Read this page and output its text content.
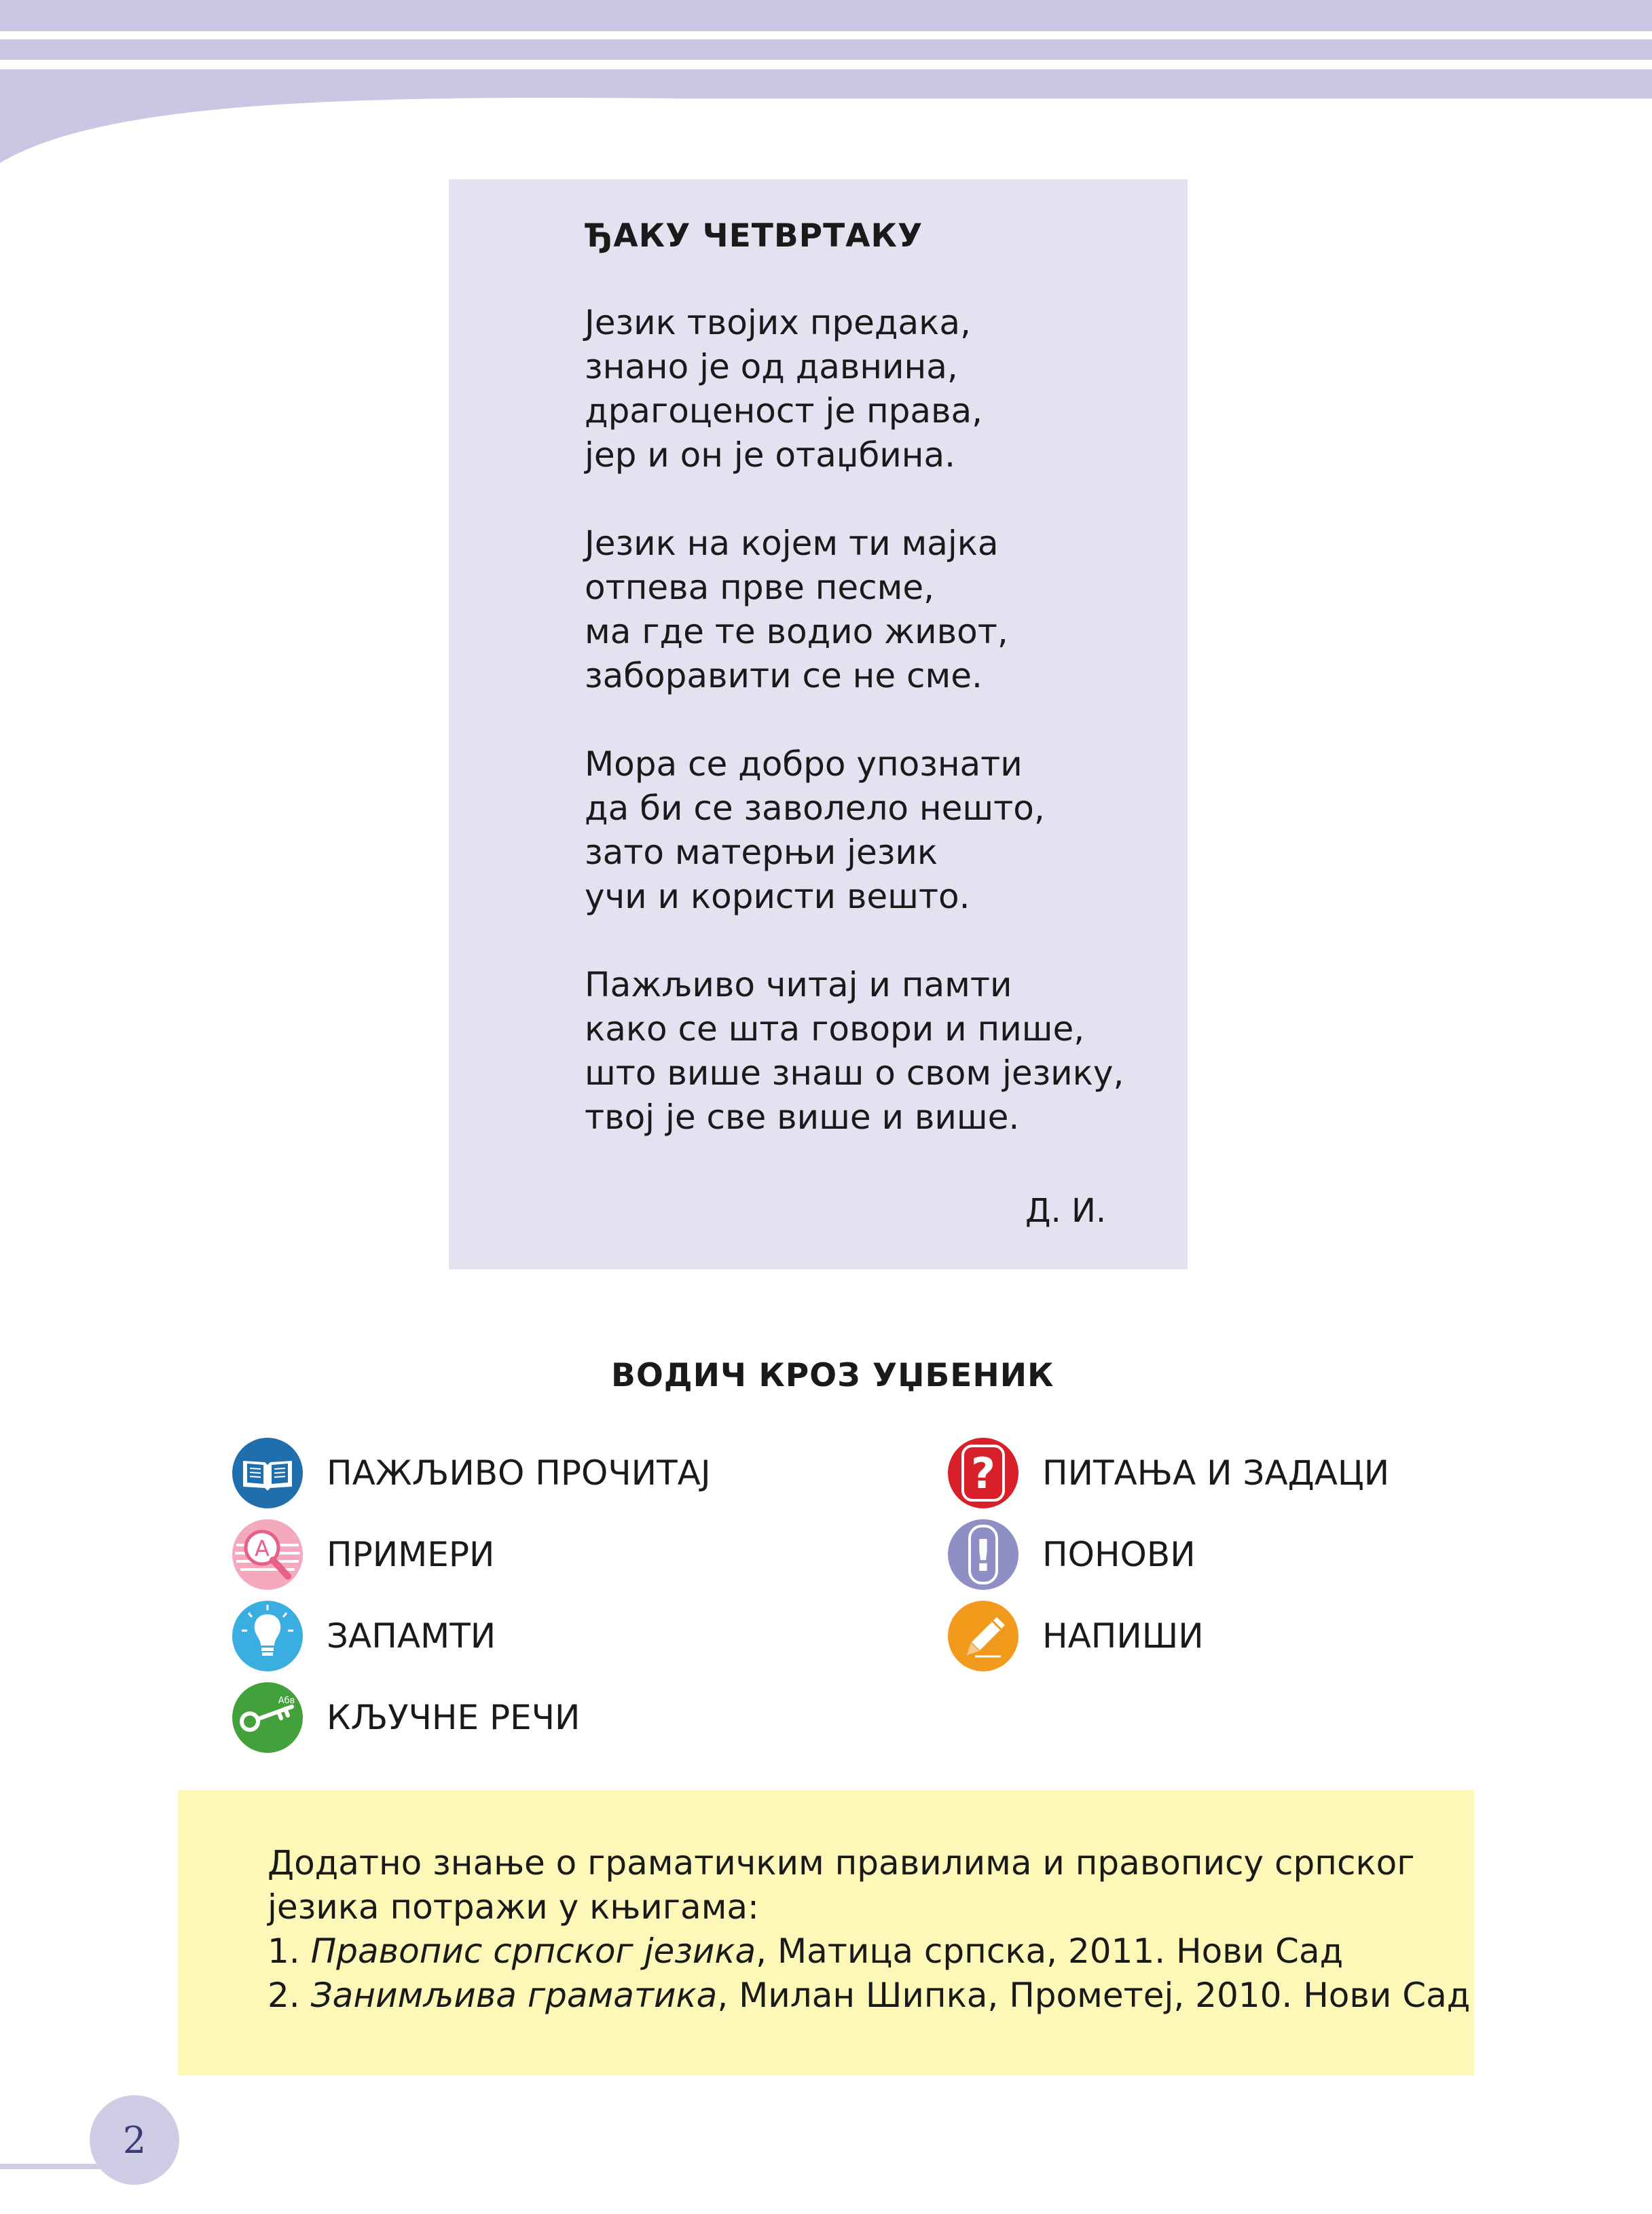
ЂАКУ ЧЕТВРТАКУ
Језик твојих предака,
знано је од давнина,
драгоценост је права,
јер и он је отаџбина.
Језик на којем ти мајка
отпева прве песме,
ма где те водио живот,
заборавити се не сме.
Мора се добро упознати
да би се заволело нешто,
зато матерњи језик
учи и користи вешто.
Пажљиво читај и памти
како се шта говори и пише,
што више знаш о свом језику,
твој је све више и више.
Д. И.
ВОДИЧ КРОЗ УЏБЕНИК
ПАЖЉИВО ПРОЧИТАЈ
A ПРИМЕРИ
ЗАПАМТИ
Абв КЉУЧНЕ РЕЧИ
? ПИТАЊА И ЗАДАЦИ
! ПОНОВИ
НАПИШИ
Додатно знање о граматичким правилима и правопису српског
језика потражи у књигама:
1. Правопис српског језика, Матица српска, 2011. Нови Сад
2. Занимљива граматика, Милан Шипка, Прометеј, 2010. Нови Сад
2
